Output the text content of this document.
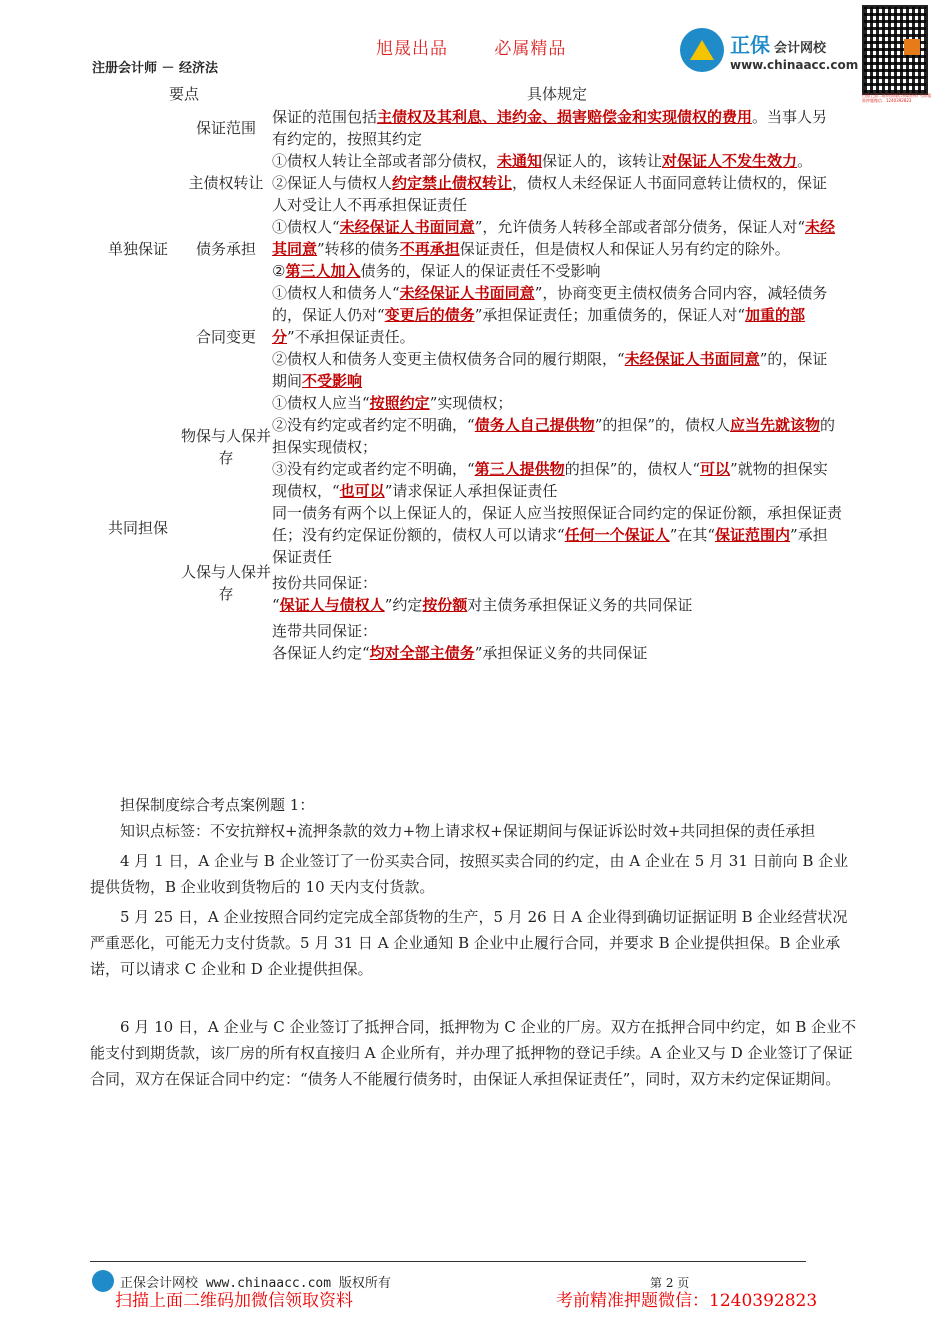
旭晟出品	必属精品
注册会计师 － 经济法
正保 会计网校
www.chinaacc.com
扫描上面二维码加微信领取资料 考前精准押题微信：1240392823
要点		具体规定
单独保证	保证范围	保证的范围包括主债权及其利息、违约金、损害赔偿金和实现债权的费用。当事人另有约定的，按照其约定
	主债权转让	①债权人转让全部或者部分债权，未通知保证人的，该转让对保证人不发生效力。
②保证人与债权人约定禁止债权转让，债权人未经保证人书面同意转让债权的，保证人对受让人不再承担保证责任

	债务承担	①债权人“未经保证人书面同意”，允许债务人转移全部或者部分债务，保证人对“未经其同意”转移的债务不再承担保证责任，但是债权人和保证人另有约定的除外。
②第三人加入债务的，保证人的保证责任不受影响

	合同变更	①债权人和债务人“未经保证人书面同意”，协商变更主债权债务合同内容，减轻债务的，保证人仍对“变更后的债务”承担保证责任；加重债务的，保证人对“加重的部分”不承担保证责任。
②债权人和债务人变更主债权债务合同的履行期限，“未经保证人书面同意”的，保证期间不受影响

共同担保	物保与人保并存	①债权人应当“按照约定”实现债权；
②没有约定或者约定不明确，“债务人自己提供物”的担保”的，债权人应当先就该物的担保实现债权；
③没有约定或者约定不明确，“第三人提供物的担保”的，债权人“可以”就物的担保实现债权，“也可以”请求保证人承担保证责任

	人保与人保并存	同一债务有两个以上保证人的，保证人应当按照保证合同约定的保证份额，承担保证责任；没有约定保证份额的，债权人可以请求“任何一个保证人”在其“保证范围内”承担保证责任
按份共同保证：
“保证人与债权人”约定按份额对主债务承担保证义务的共同保证
连带共同保证：
各保证人约定“均对全部主债务”承担保证义务的共同保证

担保制度综合考点案例题 1：

知识点标签：不安抗辩权+流押条款的效力+物上请求权+保证期间与保证诉讼时效+共同担保的责任承担

4 月 1 日，A 企业与 B 企业签订了一份买卖合同，按照买卖合同的约定，由 A 企业在 5 月 31 日前向 B 企业提供货物，B 企业收到货物后的 10 天内支付货款。

5 月 25 日，A 企业按照合同约定完成全部货物的生产，5 月 26 日 A 企业得到确切证据证明 B 企业经营状况严重恶化，可能无力支付货款。5 月 31 日 A 企业通知 B 企业中止履行合同，并要求 B 企业提供担保。B 企业承诺，可以请求 C 企业和 D 企业提供担保。

6 月 10 日，A 企业与 C 企业签订了抵押合同，抵押物为 C 企业的厂房。双方在抵押合同中约定，如 B 企业不能支付到期货款，该厂房的所有权直接归 A 企业所有，并办理了抵押物的登记手续。A 企业又与 D 企业签订了保证合同，双方在保证合同中约定：“债务人不能履行债务时，由保证人承担保证责任”，同时，双方未约定保证期间。

正保会计网校 www.chinaacc.com 版权所有	第 2 页
扫描上面二维码加微信领取资料	考前精准押题微信：1240392823
